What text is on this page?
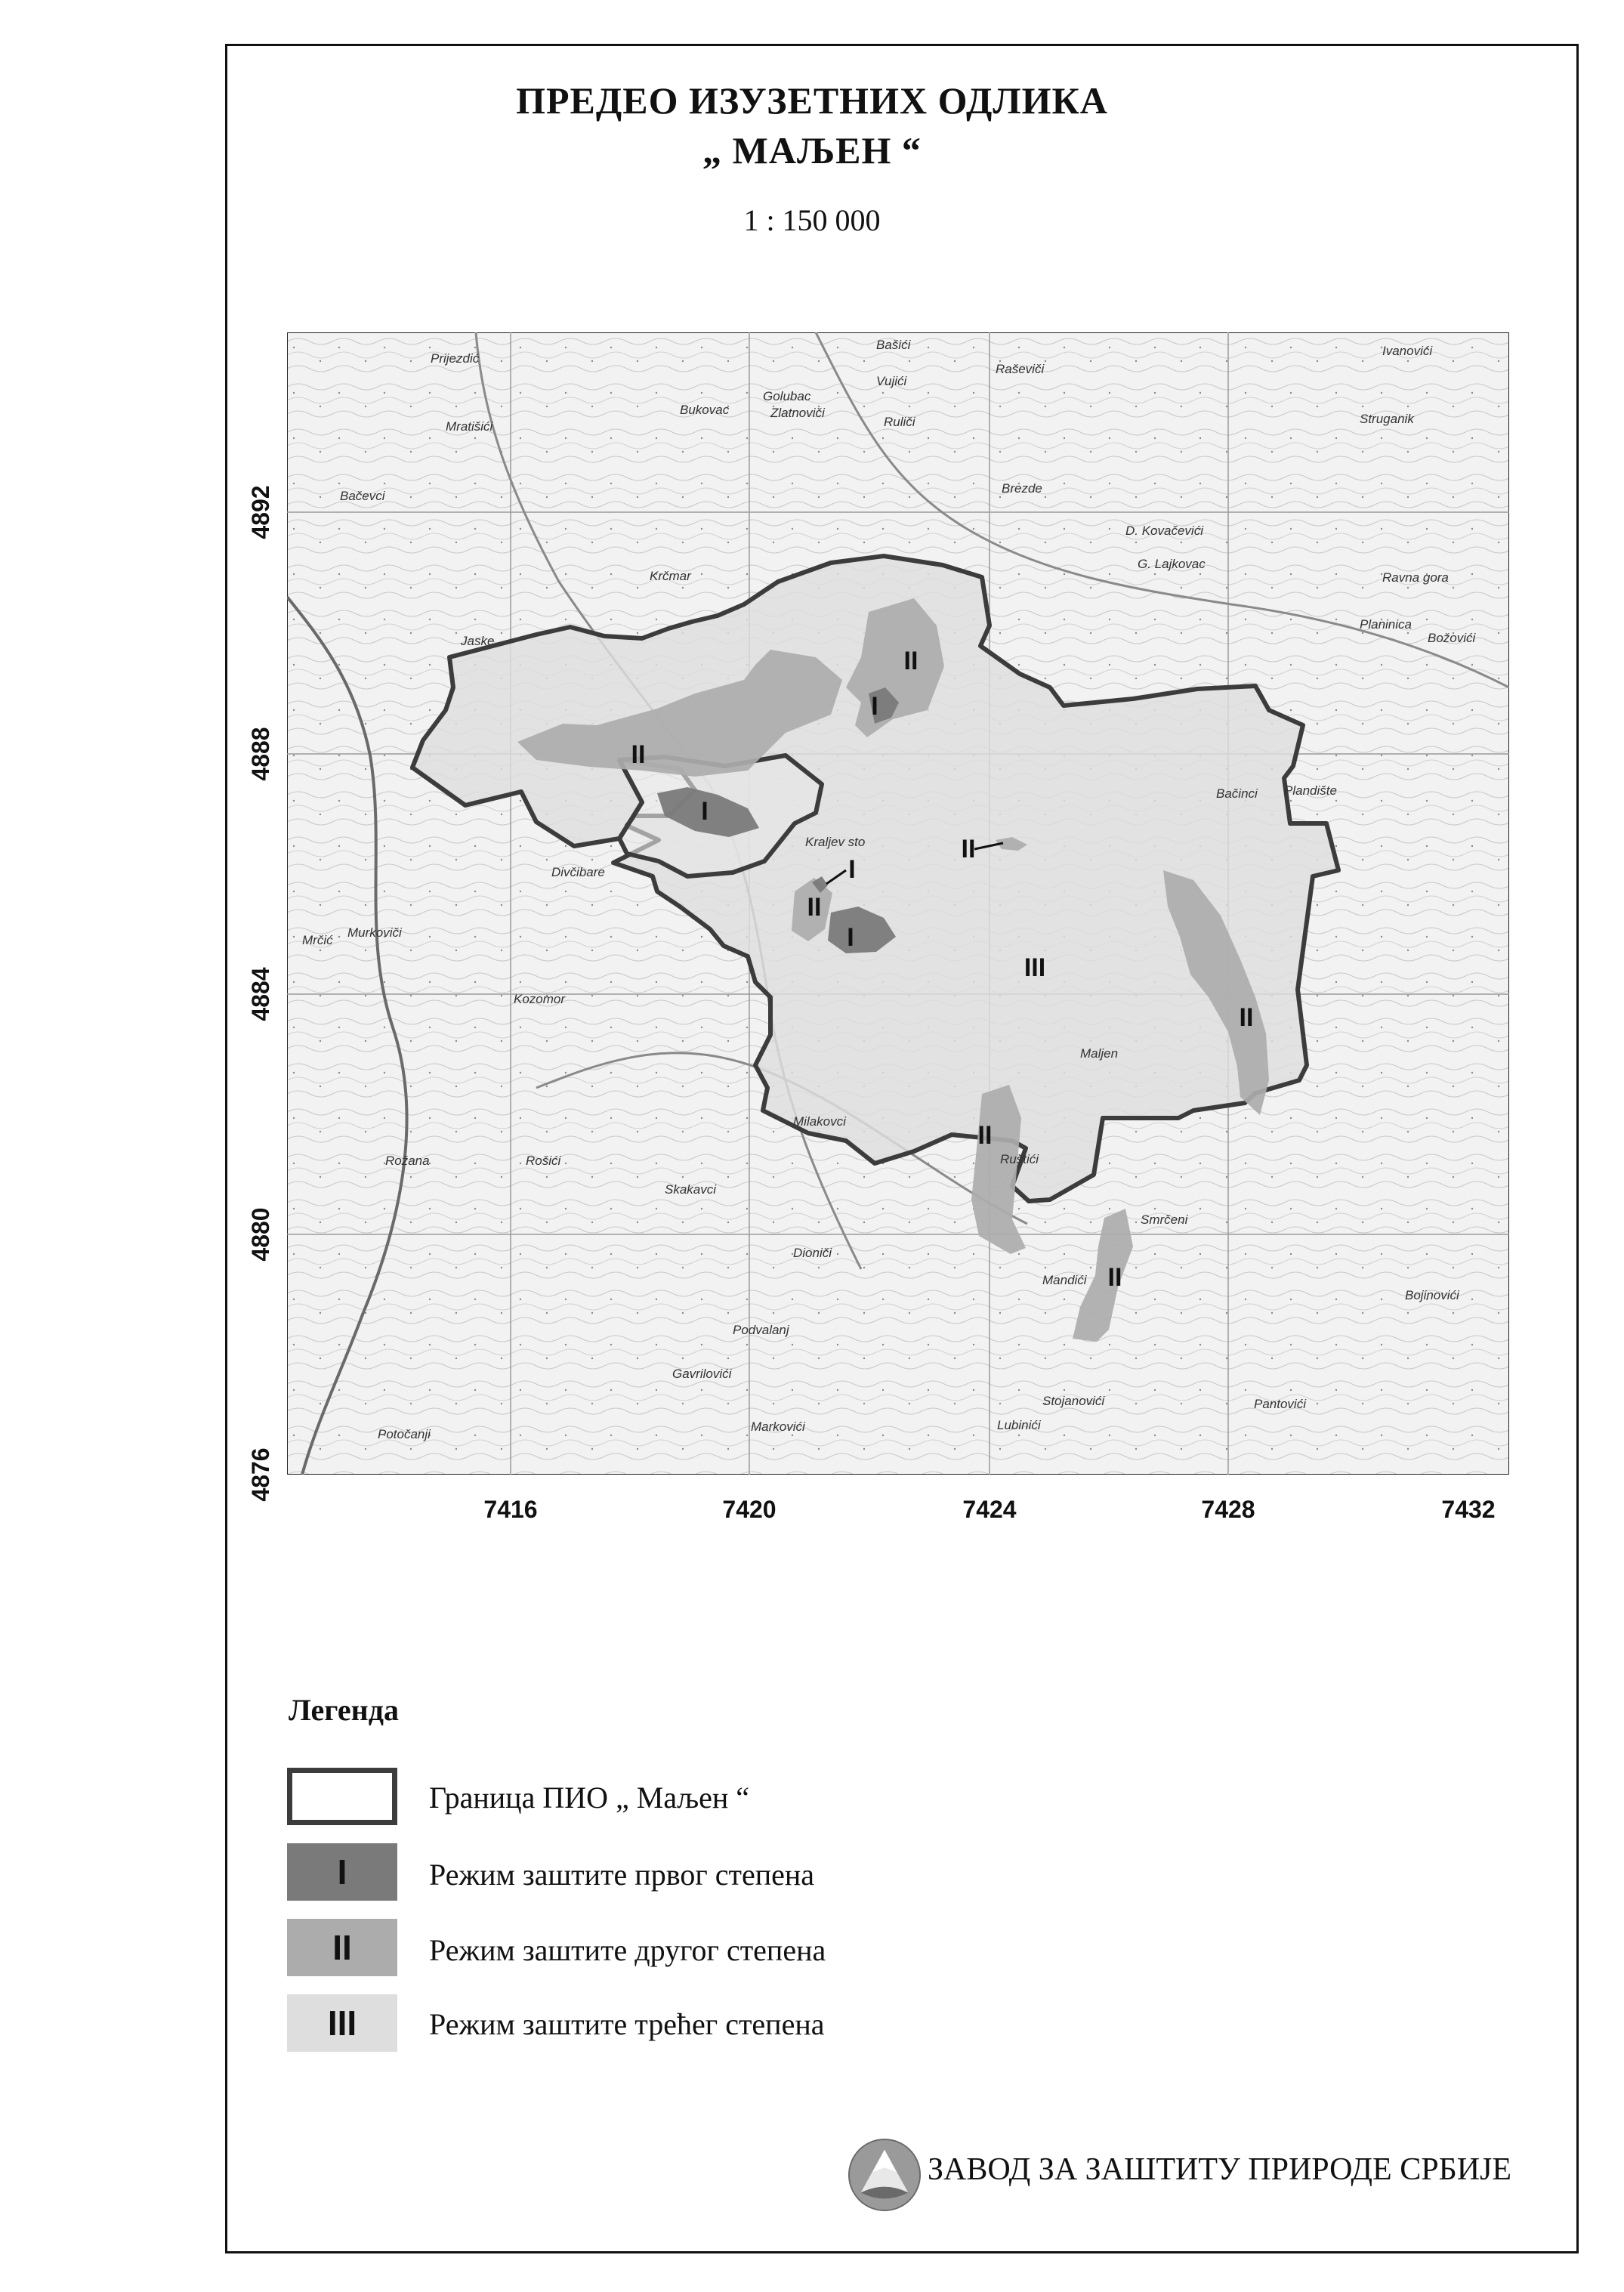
ПРЕДЕО ИЗУЗЕТНИХ ОДЛИКА
„ МАЉЕН “
1 : 150 000
II
I
II
I
II
I
II
I
III
II
II
II
Prijezdić
Bukovac
Golubac
Bašići
Vujići
Raševiči
Ivanovići
Struganik
Mratišići
Zlatnoviči
Ruliči
Brezde
Bačevci
Krčmar
D. Kovačevići
G. Lajkovac
Planinica
Jaske
Kraljev sto
Divčibare
Maljen
Bačinci
Murkoviči
Kozomor
Mrčić
Rošići
Rožana
Skakavci
Milakovci
Ruštići
Dioniči
Mandići
Smrčeni
Gavrilovići
Podvalanj
Markovići	Lubinići
Stojanovići	Pantovići
Potočanji
Plandište
Ravna gora
Božovići
Bojinovići
7416	7420	7424	7428	7432
4892
4888
4884
4880
4876
Легенда
Граница ПИО „ Маљен “
I	Режим заштите првог степена
II	Режим заштите другог степена
III	Режим заштите трећег степена
ЗАВОД ЗА ЗАШТИТУ ПРИРОДЕ СРБИЈЕ
